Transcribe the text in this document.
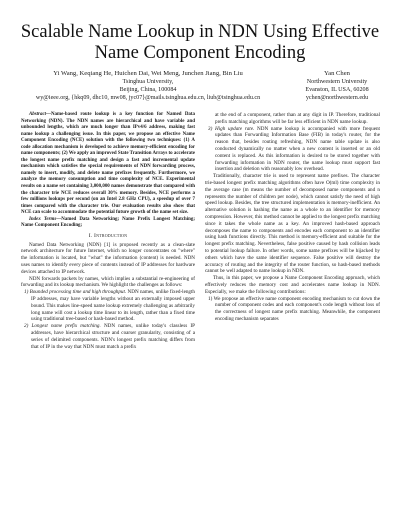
Scalable Name Lookup in NDN Using Effective
Name Component Encoding
Yi Wang, Keqiang He, Huichen Dai, Wei Meng, Junchen Jiang, Bin Liu
Tsinghua University,
Beijing, China, 100084
wy@ieee.org, {hkq09, dhc10, mw08, jyc07}@mails.tsinghua.edu.cn, liub@tsinghua.edu.cn
Yan Chen
Northwestern University
Evanston, IL USA, 60208
ychen@northwestern.edu

Abstract—Name-based route lookup is a key function for Named Data Networking (NDN). The NDN names are hierarchical and have variable and unbounded lengths, which are much longer than IPv4/6 address, making fast name lookup a challenging issue. In this paper, we propose an effective Name Component Encoding (NCE) solution with the following two techniques: (1) A code allocation mechanism is developed to achieve memory-efficient encoding for name components; (2) We apply an improved State Transition Arrays to accelerate the longest name prefix matching and design a fast and incremental update mechanism which satisfies the special requirements of NDN forwarding process, namely to insert, modify, and delete name prefixes frequently. Furthermore, we analyze the memory consumption and time complexity of NCE. Experimental results on a name set containing 3,000,000 names demonstrate that compared with the character trie NCE reduces overall 30% memory. Besides, NCE performs a few millions lookups per second (on an Intel 2.8 GHz CPU), a speedup of over 7 times compared with the character trie. Our evaluation results also show that NCE can scale to accommodate the potential future growth of the name set size.

Index Terms—Named Data Networking; Name Prefix Longest Matching; Name Component Encoding;

I. Introduction

Named Data Networking (NDN) [1] is proposed recently as a clean-slate network architecture for future Internet, which no longer concentrates on "where" the information is located, but "what" the information (content) is needed. NDN uses names to identify every piece of contents instead of IP addresses for hardware devices attached to IP network.

NDN forwards packets by names, which implies a substantial re-engineering of forwarding and its lookup mechanism. We highlight the challenges as follows:

1) Bounded processing time and high throughput. NDN names, unlike fixed-length IP addresses, may have variable lengths without an externally imposed upper bound. This makes line-speed name lookup extremely challenging as arbitrarily long name will cost a lookup time linear to its length, rather than a fixed time using traditional tree-based or hash-based method.

2) Longest name prefix matching. NDN names, unlike today's classless IP addresses, have hierarchical structure and coarser granularity, consisting of a series of delimited components. NDN's longest prefix matching differs from that of IP in the way that NDN must match a prefix

at the end of a component, rather than at any digit in IP. Therefore, traditional prefix matching algorithms will be far less efficient in NDN name lookup.

3) High update rate. NDN name lookup is accompanied with more frequent updates than Forwarding Information Base (FIB) in today's router, for the reason that, besides routing refreshing, NDN name table update is also conducted dynamically no matter when a new content is inserted or an old content is replaced. As this information is desired to be stored together with forwarding information in NDN router, the name lookup must support fast insertion and deletion with reasonably low overhead.

Traditionally, character trie is used to represent name prefixes. The character trie-based longest prefix matching algorithms often have O(ml) time complexity in the average case (m means the number of decomposed name components and n represents the number of children per node), which cannot satisfy the need of high speed lookup. Besides, the tree structured implementation is memory-inefficient. An alternative solution is hashing the name as a whole to an identifier for memory compression. However, this method cannot be applied to the longest prefix matching since it takes the whole name as a key. An improved hash-based approach decomposes the name to components and encodes each component to an identifier using hash functions directly. This method is memory-efficient and suitable for the longest prefix matching. Nevertheless, false positive caused by hash collision leads to potential lookup failure. In other words, some name prefixes will be hijacked by others which have the same identifier sequence. False positive will destroy the accuracy of routing and the integrity of the router function, so hash-based methods cannot be well adapted to name lookup in NDN.

Thus, in this paper, we propose a Name Component Encoding approach, which effectively reduces the memory cost and accelerates name lookup in NDN. Especially, we make the following contributions:

1) We propose an effective name component encoding mechanism to cut down the number of component codes and each component's code length without loss of the correctness of longest name prefix matching. Meanwhile, the component encoding mechanism separates
